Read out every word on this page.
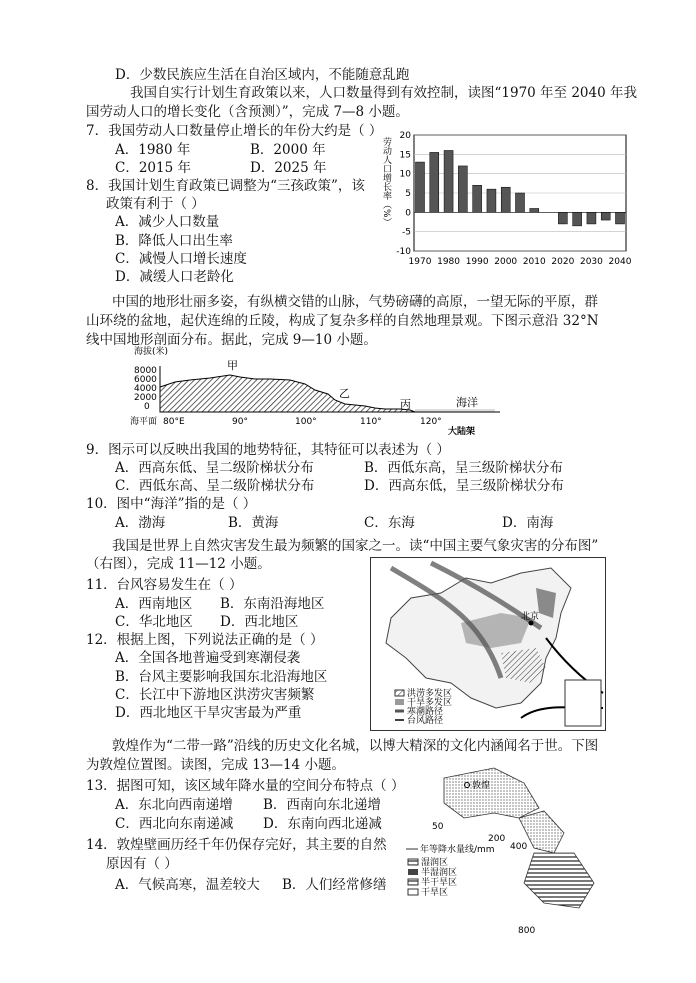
D．少数民族应生活在自治区域内，不能随意乱跑
我国自实行计划生育政策以来，人口数量得到有效控制，读图“1970 年至 2040 年我
国劳动人口的增长变化（含预测）”，完成 7—8 小题。
7．我国劳动人口数量停止增长的年份大约是（ ）
A．1980 年	B．2000 年
C．2015 年	D．2025 年
8．我国计划生育政策已调整为“三孩政策”，该
政策有利于（ ）
A．减少人口数量
B．降低人口出生率
C．减慢人口增长速度
D．减缓人口老龄化
中国的地形壮丽多姿，有纵横交错的山脉，气势磅礴的高原，一望无际的平原，群
山环绕的盆地，起伏连绵的丘陵，构成了复杂多样的自然地理景观。下图示意沿 32°N
线中国地形剖面分布。据此，完成 9—10 小题。
9．图示可以反映出我国的地势特征，其特征可以表述为（ ）
A．西高东低、呈二级阶梯状分布	B．西低东高，呈三级阶梯状分布
C．西低东高、呈二级阶梯状分布	D．西高东低，呈三级阶梯状分布
10．图中“海洋”指的是（ ）
A．渤海	B．黄海	C．东海	D．南海
我国是世界上自然灾害发生最为频繁的国家之一。读“中国主要气象灾害的分布图”
（右图），完成 11—12 小题。
11．台风容易发生在（ ）
A．西南地区 B．东南沿海地区
C．华北地区 D．西北地区
12．根据上图，下列说法正确的是（ ）
A．全国各地普遍受到寒潮侵袭
B．台风主要影响我国东北沿海地区
C．长江中下游地区洪涝灾害频繁
D．西北地区干旱灾害最为严重
敦煌作为“二带一路”沿线的历史文化名城，以博大精深的文化内涵闻名于世。下图
为敦煌位置图。读图，完成 13—14 小题。
13．据图可知，该区域年降水量的空间分布特点（ ）
A．东北向西南递增 B．西南向东北递增
C．西北向东南递减 D．东南向西北递减
14．敦煌壁画历经千年仍保存完好，其主要的自然
原因有（ ）
A．气候高寒，温差较大 B．人们经常修缮
劳动人口增长率（%）
20
15
10
5
0
-5
-10
1970 1980 1990 2000 2010 2020 2030 2040
海拔(米)
8000
6000
4000
2000
0
甲
乙
丙	海洋
海平面 80°E	90°	100°	110°	120°
大陆架
北京
洪涝多发区
干旱多发区
寒潮路径
台风路径
敦煌
50
200
400
800
年等降水量线/mm
湿润区
半湿润区
半干旱区
干旱区
